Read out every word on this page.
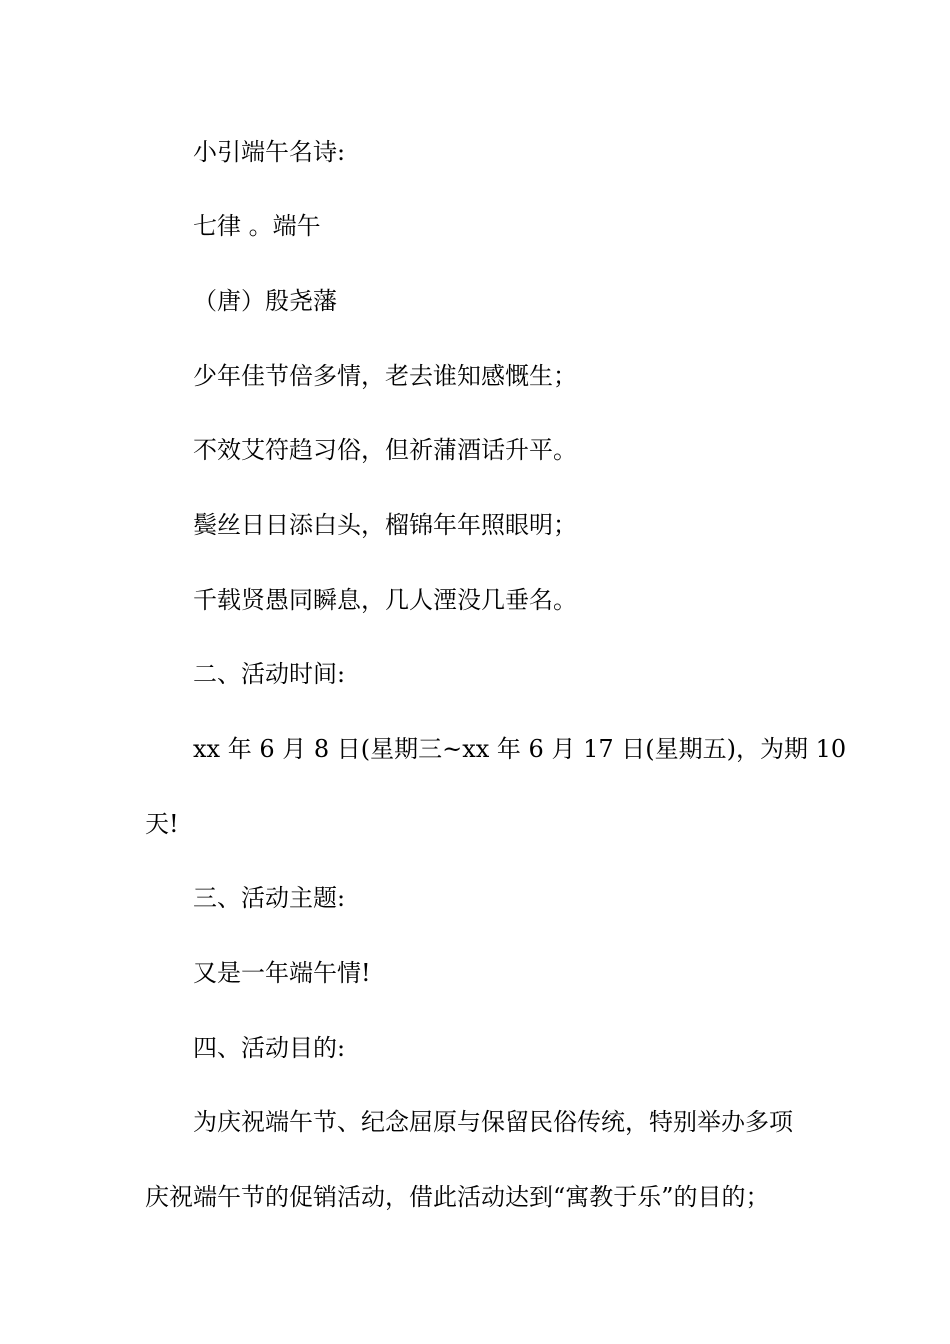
小引端午名诗:
七律 。端午
（唐）殷尧藩
少年佳节倍多情，老去谁知感慨生；
不效艾符趋习俗，但祈蒲酒话升平。
鬓丝日日添白头，榴锦年年照眼明；
千载贤愚同瞬息，几人湮没几垂名。
二、活动时间:
xx 年 6 月 8 日(星期三~xx 年 6 月 17 日(星期五)，为期 10
天!
三、活动主题:
又是一年端午情!
四、活动目的:
为庆祝端午节、纪念屈原与保留民俗传统，特别举办多项
庆祝端午节的促销活动，借此活动达到“寓教于乐”的目的；
